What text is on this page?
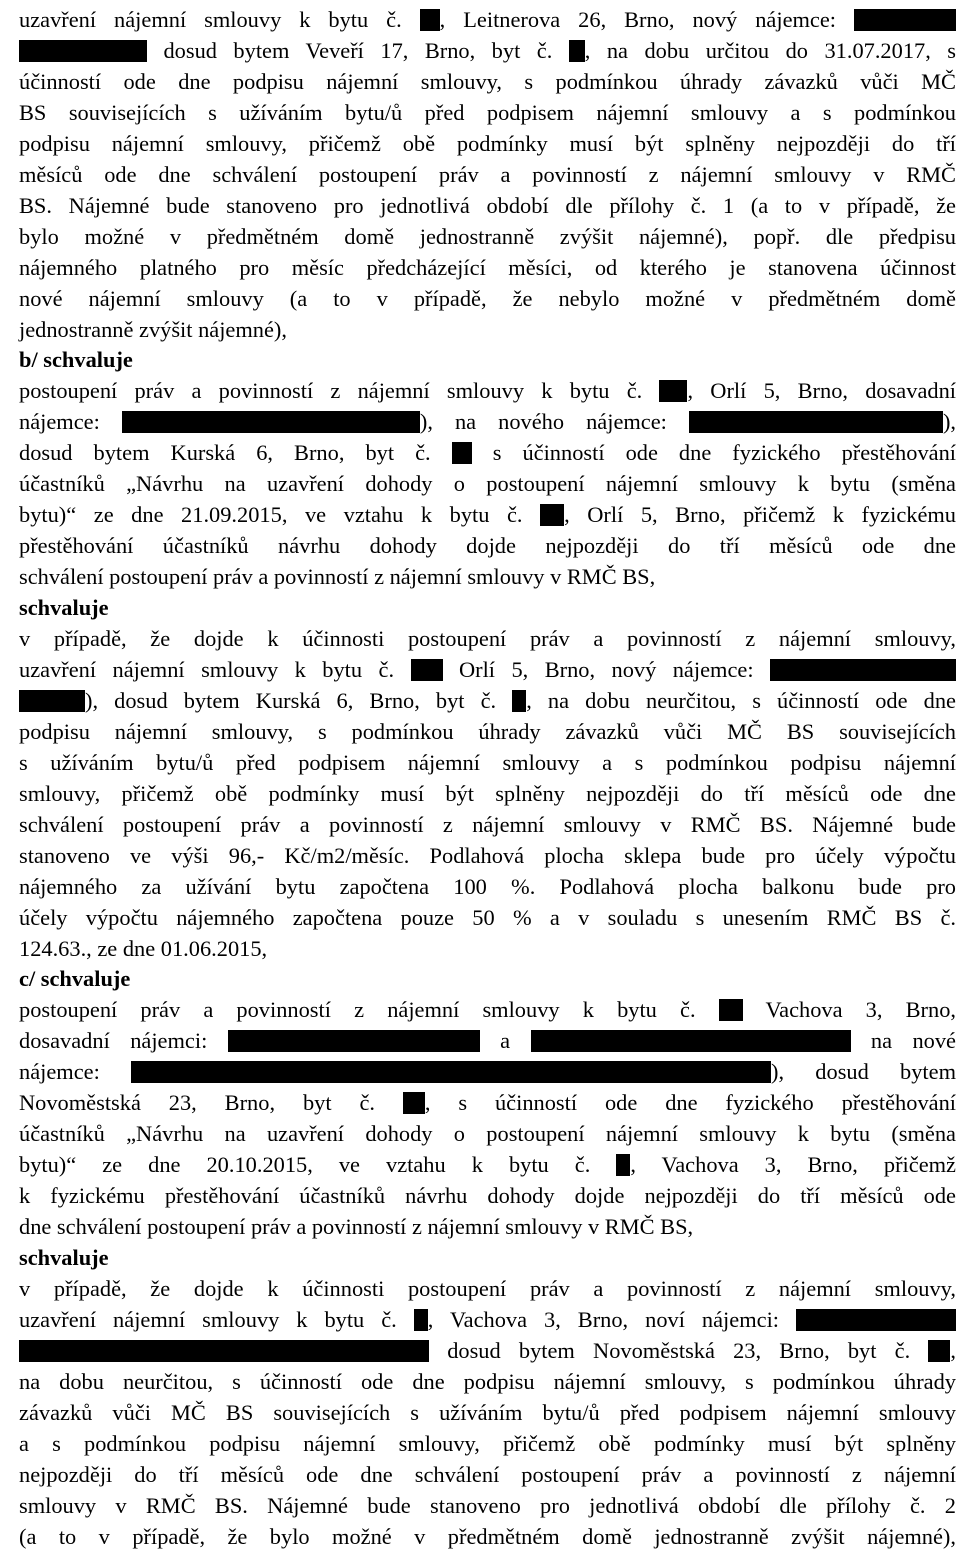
uzavření nájemní smlouvy k bytu č. , Leitnerova 26, Brno, nový nájemce:
dosud bytem Veveří 17, Brno, byt č. , na dobu určitou do 31.07.2017, s
účinností ode dne podpisu nájemní smlouvy, s podmínkou úhrady závazků vůči MČ
BS souvisejících s užíváním bytu/ů před podpisem nájemní smlouvy a s podmínkou
podpisu nájemní smlouvy, přičemž obě podmínky musí být splněny nejpozději do tří
měsíců ode dne schválení postoupení práv a povinností z nájemní smlouvy v RMČ
BS. Nájemné bude stanoveno pro jednotlivá období dle přílohy č. 1 (a to v případě, že
bylo možné v předmětném domě jednostranně zvýšit nájemné), popř. dle předpisu
nájemného platného pro měsíc předcházející měsíci, od kterého je stanovena účinnost
nové nájemní smlouvy (a to v případě, že nebylo možné v předmětném domě
jednostranně zvýšit nájemné),
b/ schvaluje
postoupení práv a povinností z nájemní smlouvy k bytu č. , Orlí 5, Brno, dosavadní
nájemce:	), na nového nájemce:	),
dosud bytem Kurská 6, Brno, byt č.  s účinností ode dne fyzického přestěhování
účastníků „Návrhu na uzavření dohody o postoupení nájemní smlouvy k bytu (směna
bytu)“ ze dne 21.09.2015, ve vztahu k bytu č. , Orlí 5, Brno, přičemž k fyzickému
přestěhování účastníků návrhu dohody dojde nejpozději do tří měsíců ode dne
schválení postoupení práv a povinností z nájemní smlouvy v RMČ BS,
schvaluje
v případě, že dojde k účinnosti postoupení práv a povinností z nájemní smlouvy,
uzavření nájemní smlouvy k bytu č.  Orlí 5, Brno, nový nájemce:
), dosud bytem Kurská 6, Brno, byt č. , na dobu neurčitou, s účinností ode dne
podpisu nájemní smlouvy, s podmínkou úhrady závazků vůči MČ BS souvisejících
s užíváním bytu/ů před podpisem nájemní smlouvy a s podmínkou podpisu nájemní
smlouvy, přičemž obě podmínky musí být splněny nejpozději do tří měsíců ode dne
schválení postoupení práv a povinností z nájemní smlouvy v RMČ BS. Nájemné bude
stanoveno ve výši 96,- Kč/m2/měsíc. Podlahová plocha sklepa bude pro účely výpočtu
nájemného za užívání bytu započtena 100 %. Podlahová plocha balkonu bude pro
účely výpočtu nájemného započtena pouze 50 % a v souladu s unesením RMČ BS č.
124.63., ze dne 01.06.2015,
c/ schvaluje
postoupení práv a povinností z nájemní smlouvy k bytu č.  Vachova 3, Brno,
dosavadní nájemci:	a	na nové
nájemce:	), dosud bytem
Novoměstská 23, Brno, byt č. , s účinností ode dne fyzického přestěhování
účastníků „Návrhu na uzavření dohody o postoupení nájemní smlouvy k bytu (směna
bytu)“ ze dne 20.10.2015, ve vztahu k bytu č. , Vachova 3, Brno, přičemž
k fyzickému přestěhování účastníků návrhu dohody dojde nejpozději do tří měsíců ode
dne schválení postoupení práv a povinností z nájemní smlouvy v RMČ BS,
schvaluje
v případě, že dojde k účinnosti postoupení práv a povinností z nájemní smlouvy,
uzavření nájemní smlouvy k bytu č. , Vachova 3, Brno, noví nájemci:
dosud bytem Novoměstská 23, Brno, byt č. ,
na dobu neurčitou, s účinností ode dne podpisu nájemní smlouvy, s podmínkou úhrady
závazků vůči MČ BS souvisejících s užíváním bytu/ů před podpisem nájemní smlouvy
a s podmínkou podpisu nájemní smlouvy, přičemž obě podmínky musí být splněny
nejpozději do tří měsíců ode dne schválení postoupení práv a povinností z nájemní
smlouvy v RMČ BS. Nájemné bude stanoveno pro jednotlivá období dle přílohy č. 2
(a to v případě, že bylo možné v předmětném domě jednostranně zvýšit nájemné),
